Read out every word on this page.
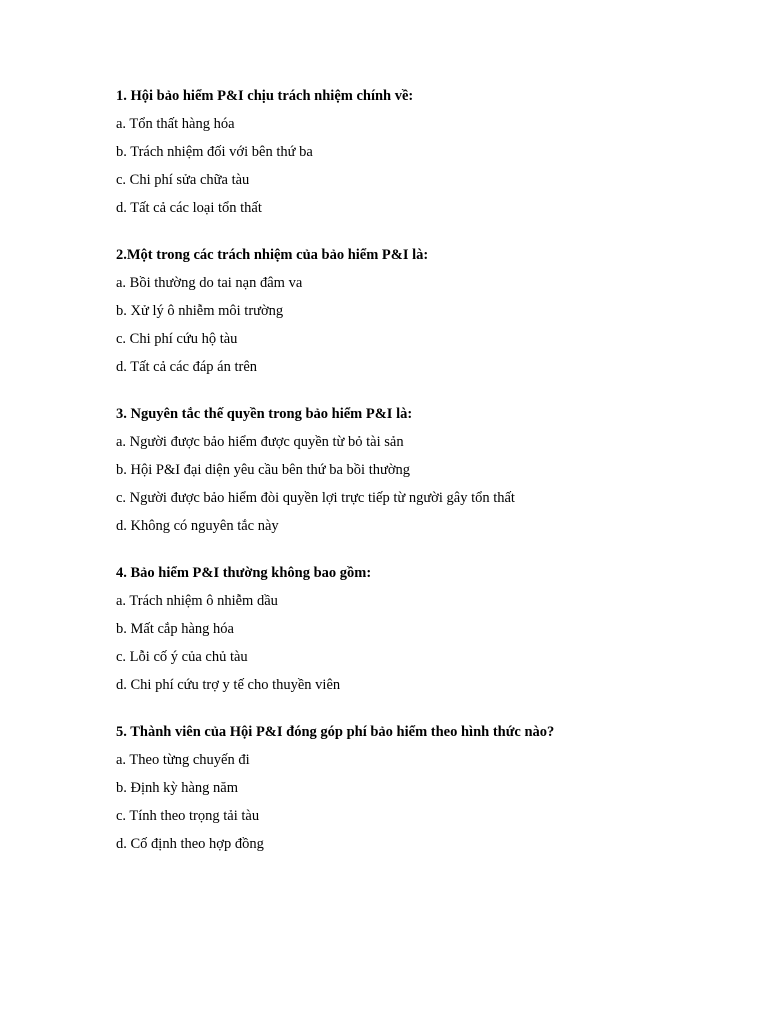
1. Hội bảo hiểm P&I chịu trách nhiệm chính về:
a. Tổn thất hàng hóa
b. Trách nhiệm đối với bên thứ ba
c. Chi phí sửa chữa tàu
d. Tất cả các loại tổn thất
2.Một trong các trách nhiệm của bảo hiểm P&I là:
a. Bồi thường do tai nạn đâm va
b. Xử lý ô nhiễm môi trường
c. Chi phí cứu hộ tàu
d. Tất cả các đáp án trên
3. Nguyên tắc thế quyền trong bảo hiểm P&I là:
a. Người được bảo hiểm được quyền từ bỏ tài sản
b. Hội P&I đại diện yêu cầu bên thứ ba bồi thường
c. Người được bảo hiểm đòi quyền lợi trực tiếp từ người gây tổn thất
d. Không có nguyên tắc này
4. Bảo hiểm P&I thường không bao gồm:
a. Trách nhiệm ô nhiễm dầu
b. Mất cắp hàng hóa
c. Lỗi cố ý của chủ tàu
d. Chi phí cứu trợ y tế cho thuyền viên
5. Thành viên của Hội P&I đóng góp phí bảo hiểm theo hình thức nào?
a. Theo từng chuyến đi
b. Định kỳ hàng năm
c. Tính theo trọng tải tàu
d. Cố định theo hợp đồng
